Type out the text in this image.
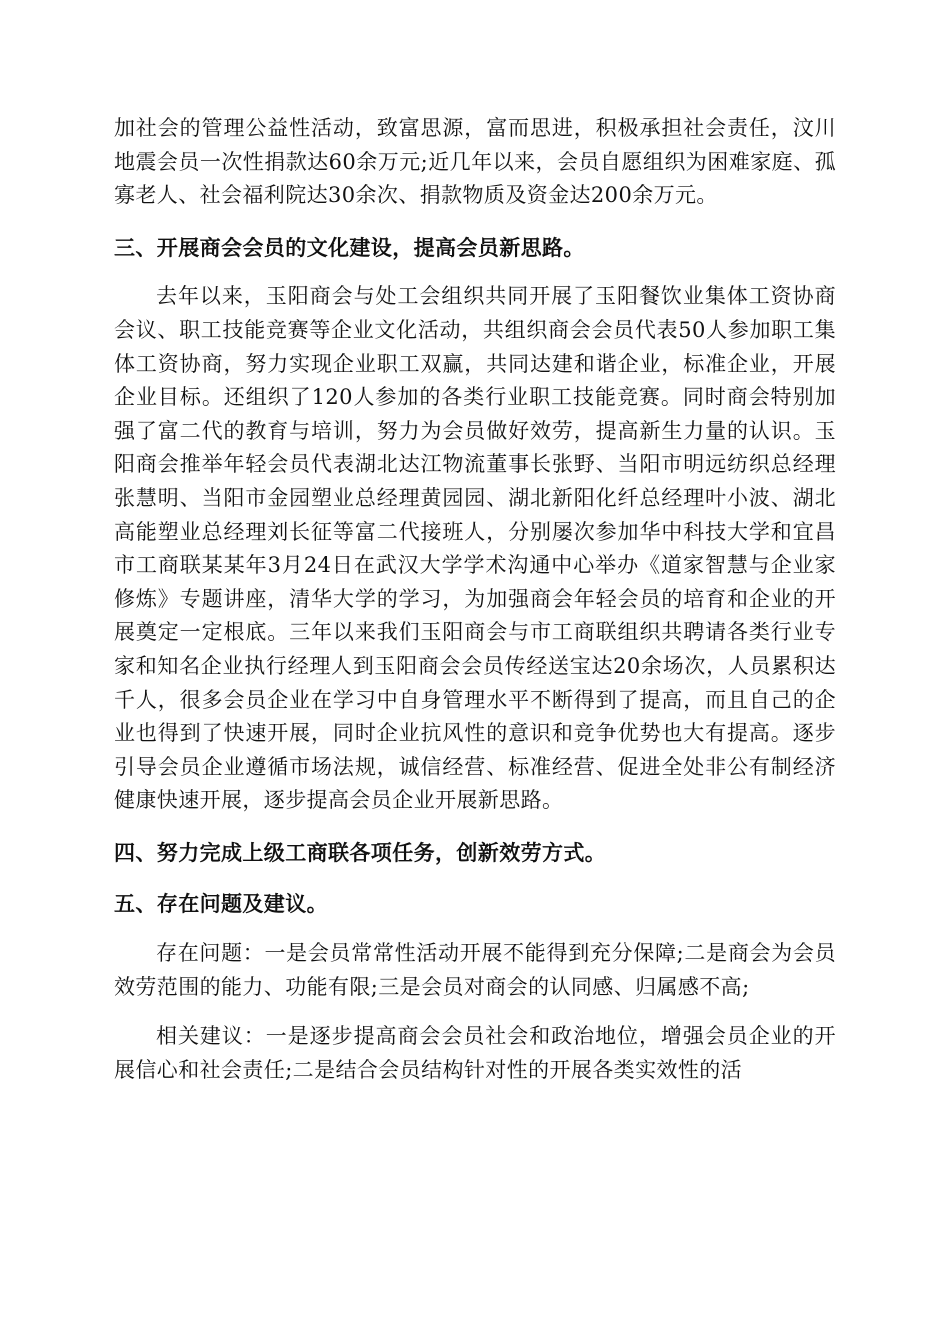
加社会的管理公益性活动，致富思源，富而思进，积极承担社会责任，汶川地震会员一次性捐款达60余万元;近几年以来，会员自愿组织为困难家庭、孤寡老人、社会福利院达30余次、捐款物质及资金达200余万元。

三、开展商会会员的文化建设，提高会员新思路。

去年以来，玉阳商会与处工会组织共同开展了玉阳餐饮业集体工资协商会议、职工技能竞赛等企业文化活动，共组织商会会员代表50人参加职工集体工资协商，努力实现企业职工双赢，共同达建和谐企业，标准企业，开展企业目标。还组织了120人参加的各类行业职工技能竞赛。同时商会特别加强了富二代的教育与培训，努力为会员做好效劳，提高新生力量的认识。玉阳商会推举年轻会员代表湖北达江物流董事长张野、当阳市明远纺织总经理张慧明、当阳市金园塑业总经理黄园园、湖北新阳化纤总经理叶小波、湖北高能塑业总经理刘长征等富二代接班人，分别屡次参加华中科技大学和宜昌市工商联某某年3月24日在武汉大学学术沟通中心举办《道家智慧与企业家修炼》专题讲座，清华大学的学习，为加强商会年轻会员的培育和企业的开展奠定一定根底。三年以来我们玉阳商会与市工商联组织共聘请各类行业专家和知名企业执行经理人到玉阳商会会员传经送宝达20余场次，人员累积达千人，很多会员企业在学习中自身管理水平不断得到了提高，而且自己的企业也得到了快速开展，同时企业抗风性的意识和竞争优势也大有提高。逐步引导会员企业遵循市场法规，诚信经营、标准经营、促进全处非公有制经济健康快速开展，逐步提高会员企业开展新思路。

四、努力完成上级工商联各项任务，创新效劳方式。

五、存在问题及建议。

存在问题：一是会员常常性活动开展不能得到充分保障;二是商会为会员效劳范围的能力、功能有限;三是会员对商会的认同感、归属感不高;

相关建议：一是逐步提高商会会员社会和政治地位，增强会员企业的开展信心和社会责任;二是结合会员结构针对性的开展各类实效性的活
